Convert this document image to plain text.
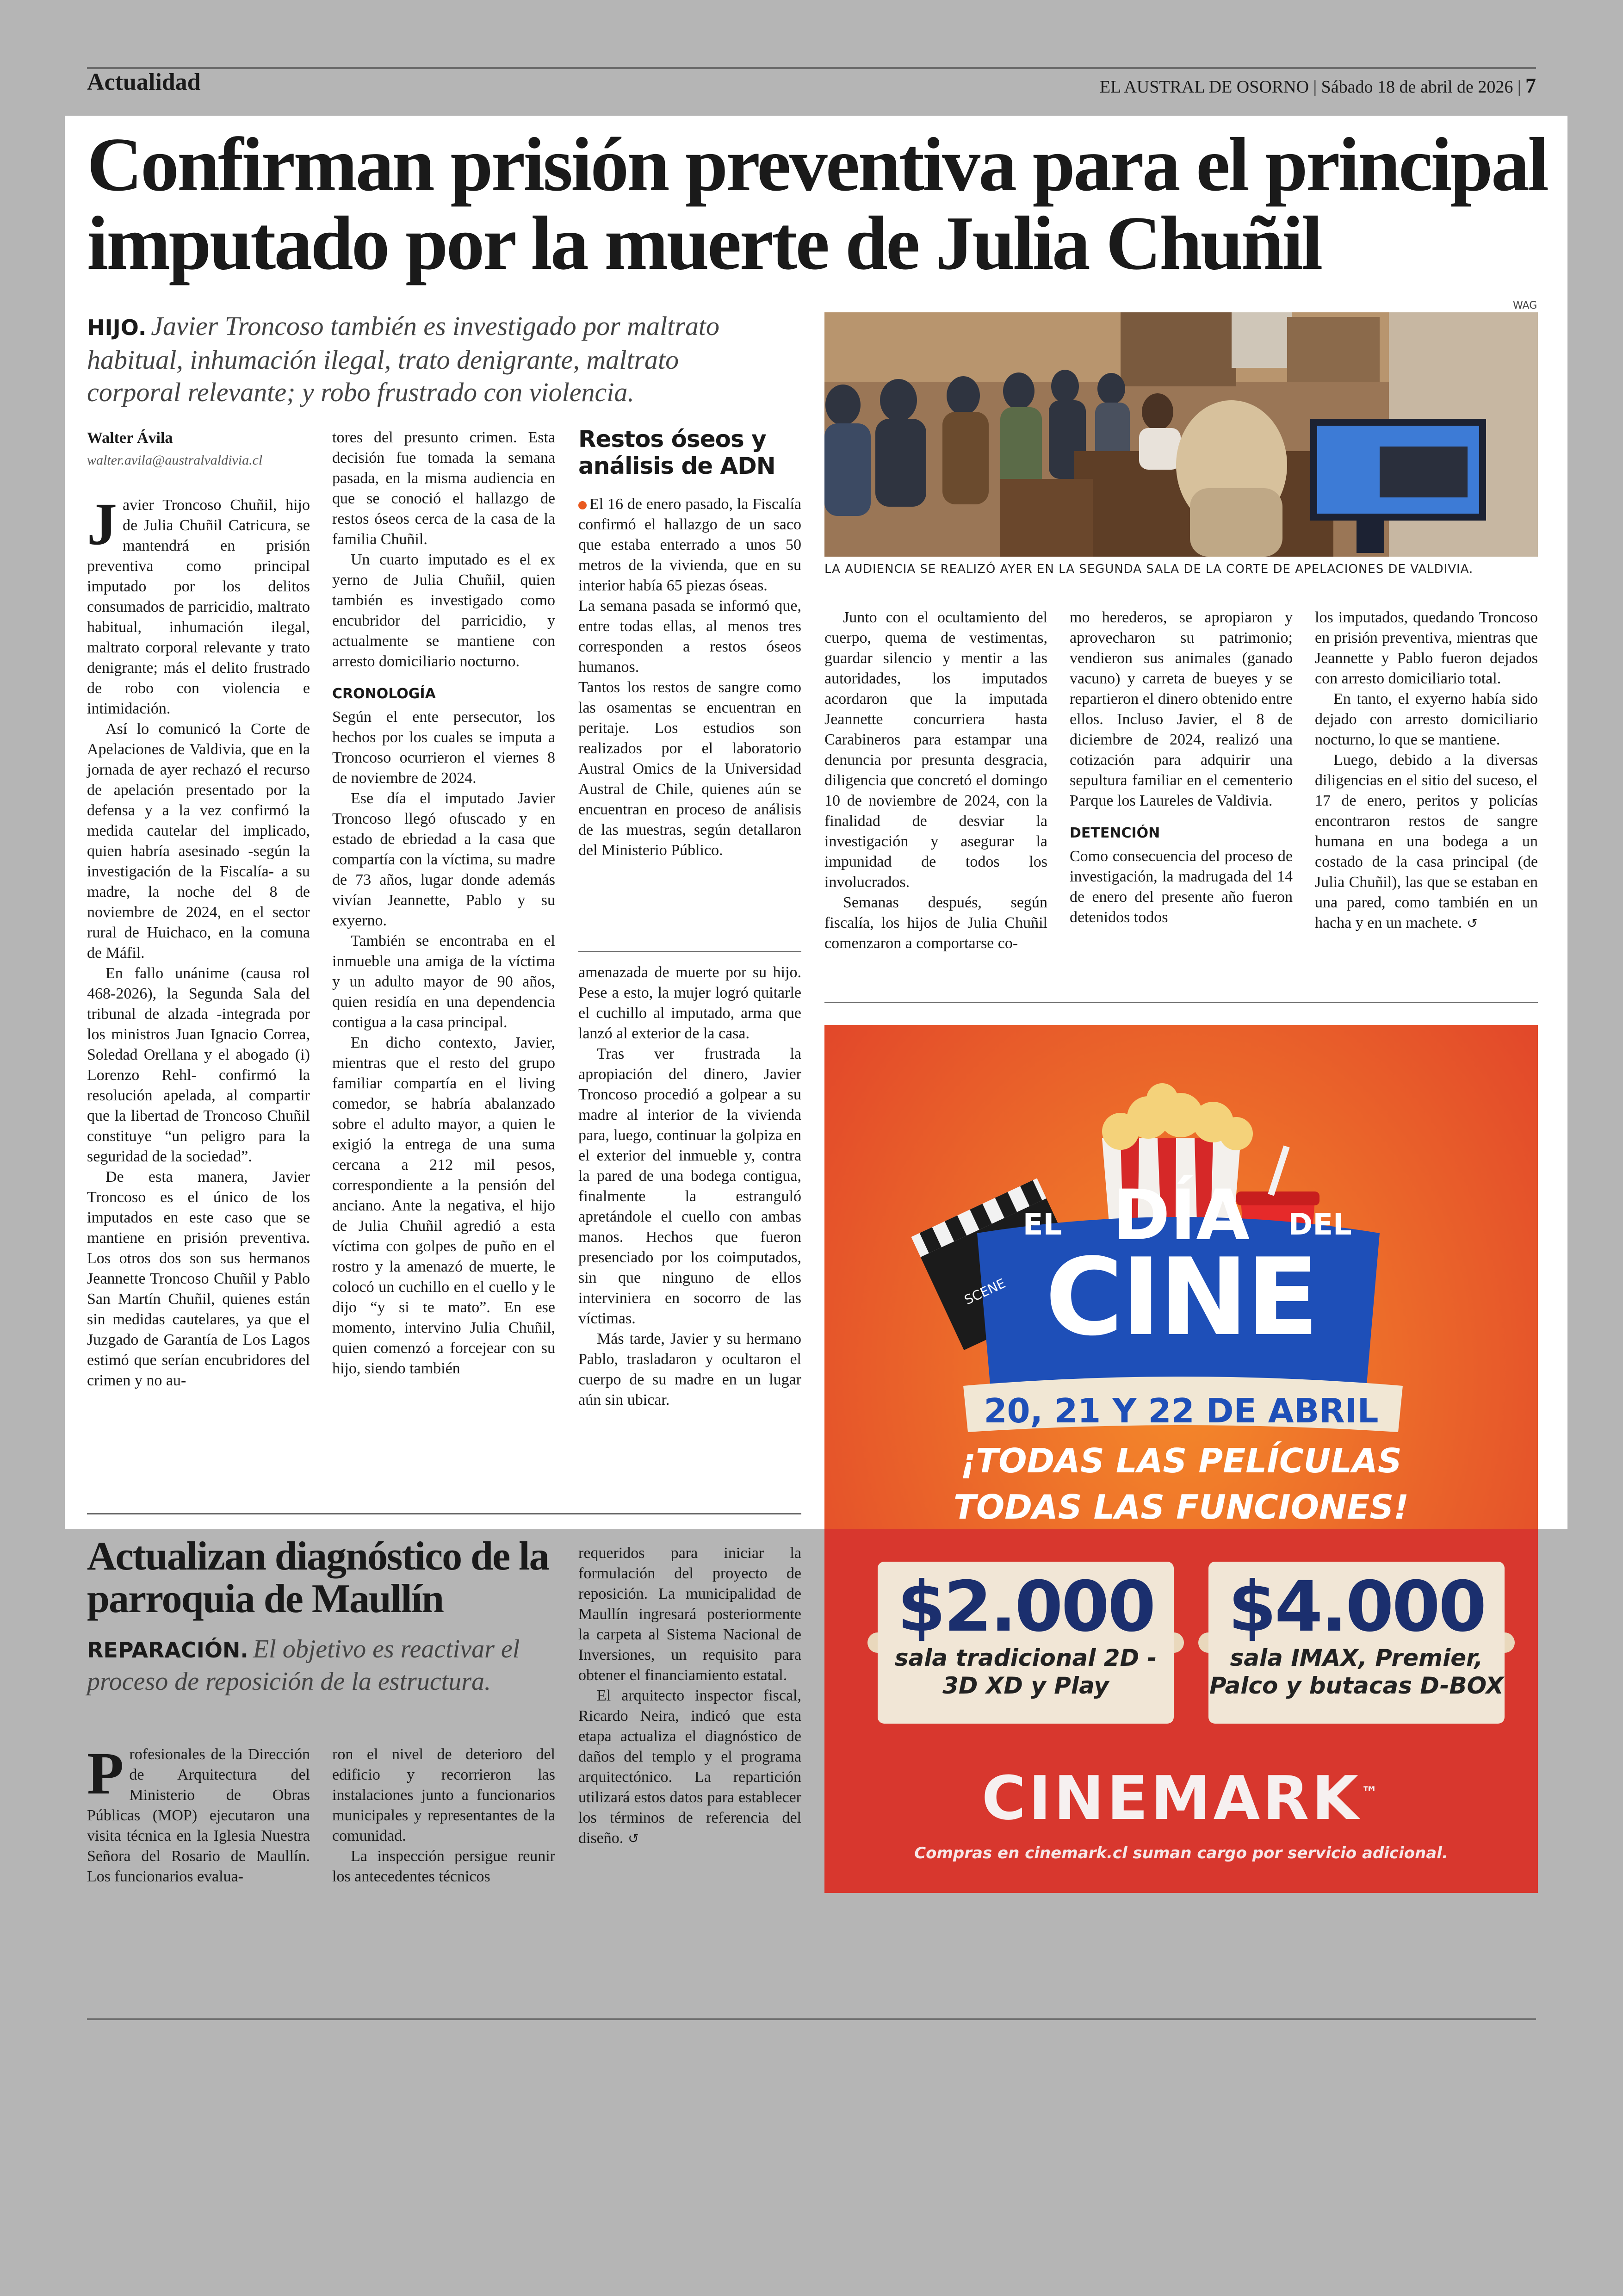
Actualidad	EL AUSTRAL DE OSORNO | Sábado 18 de abril de 2026 | 7
Confirman prisión preventiva para el principal imputado por la muerte de Julia Chuñil

HIJO. Javier Troncoso también es investigado por maltrato habitual, inhumación ilegal, trato denigrante, maltrato corporal relevante; y robo frustrado con violencia.

Walter Ávila
walter.avila@australvaldivia.cl

Javier Troncoso Chuñil, hijo de Julia Chuñil Catricura, se mantendrá en prisión preventiva como principal imputado por los delitos consumados de parricidio, maltrato habitual, inhumación ilegal, maltrato corporal relevante y trato denigrante; más el delito frustrado de robo con violencia e intimidación.

Así lo comunicó la Corte de Apelaciones de Valdivia, que en la jornada de ayer rechazó el recurso de apelación presentado por la defensa y a la vez confirmó la medida cautelar del implicado, quien habría asesinado -según la investigación de la Fiscalía- a su madre, la noche del 8 de noviembre de 2024, en el sector rural de Huichaco, en la comuna de Máfil.

En fallo unánime (causa rol 468-2026), la Segunda Sala del tribunal de alzada -integrada por los ministros Juan Ignacio Correa, Soledad Orellana y el abogado (i) Lorenzo Rehl- confirmó la resolución apelada, al compartir que la libertad de Troncoso Chuñil constituye “un peligro para la seguridad de la sociedad”.

De esta manera, Javier Troncoso es el único de los imputados en este caso que se mantiene en prisión preventiva. Los otros dos son sus hermanos Jeannette Troncoso Chuñil y Pablo San Martín Chuñil, quienes están sin medidas cautelares, ya que el Juzgado de Garantía de Los Lagos estimó que serían encubridores del crimen y no au-

tores del presunto crimen. Esta decisión fue tomada la semana pasada, en la misma audiencia en que se conoció el hallazgo de restos óseos cerca de la casa de la familia Chuñil.

Un cuarto imputado es el ex yerno de Julia Chuñil, quien también es investigado como encubridor del parricidio, y actualmente se mantiene con arresto domiciliario nocturno.

CRONOLOGÍA

Según el ente persecutor, los hechos por los cuales se imputa a Troncoso ocurrieron el viernes 8 de noviembre de 2024.

Ese día el imputado Javier Troncoso llegó ofuscado y en estado de ebriedad a la casa que compartía con la víctima, su madre de 73 años, lugar donde además vivían Jeannette, Pablo y su exyerno.

También se encontraba en el inmueble una amiga de la víctima y un adulto mayor de 90 años, quien residía en una dependencia contigua a la casa principal.

En dicho contexto, Javier, mientras que el resto del grupo familiar compartía en el living comedor, se habría abalanzado sobre el adulto mayor, a quien le exigió la entrega de una suma cercana a 212 mil pesos, correspondiente a la pensión del anciano. Ante la negativa, el hijo de Julia Chuñil agredió a esta víctima con golpes de puño en el rostro y la amenazó de muerte, le colocó un cuchillo en el cuello y le dijo “y si te mato”. En ese momento, intervino Julia Chuñil, quien comenzó a forcejear con su hijo, siendo también

Restos óseos y análisis de ADN

El 16 de enero pasado, la Fiscalía confirmó el hallazgo de un saco que estaba enterrado a unos 50 metros de la vivienda, que en su interior había 65 piezas óseas.

La semana pasada se informó que, entre todas ellas, al menos tres corresponden a restos óseos humanos.

Tantos los restos de sangre como las osamentas se encuentran en peritaje. Los estudios son realizados por el laboratorio Austral Omics de la Universidad Austral de Chile, quienes aún se encuentran en proceso de análisis de las muestras, según detallaron del Ministerio Público.

amenazada de muerte por su hijo. Pese a esto, la mujer logró quitarle el cuchillo al imputado, arma que lanzó al exterior de la casa.

Tras ver frustrada la apropiación del dinero, Javier Troncoso procedió a golpear a su madre al interior de la vivienda para, luego, continuar la golpiza en el exterior del inmueble y, contra la pared de una bodega contigua, finalmente la estranguló apretándole el cuello con ambas manos. Hechos que fueron presenciado por los coimputados, sin que ninguno de ellos interviniera en socorro de las víctimas.

Más tarde, Javier y su hermano Pablo, trasladaron y ocultaron el cuerpo de su madre en un lugar aún sin ubicar.

WAG
LA AUDIENCIA SE REALIZÓ AYER EN LA SEGUNDA SALA DE LA CORTE DE APELACIONES DE VALDIVIA.

Junto con el ocultamiento del cuerpo, quema de vestimentas, guardar silencio y mentir a las autoridades, los imputados acordaron que la imputada Jeannette concurriera hasta Carabineros para estampar una denuncia por presunta desgracia, diligencia que concretó el domingo 10 de noviembre de 2024, con la finalidad de desviar la investigación y asegurar la impunidad de todos los involucrados.

Semanas después, según fiscalía, los hijos de Julia Chuñil comenzaron a comportarse co-

mo herederos, se apropiaron y aprovecharon su patrimonio; vendieron sus animales (ganado vacuno) y carreta de bueyes y se repartieron el dinero obtenido entre ellos. Incluso Javier, el 8 de diciembre de 2024, realizó una cotización para adquirir una sepultura familiar en el cementerio Parque los Laureles de Valdivia.

DETENCIÓN

Como consecuencia del proceso de investigación, la madrugada del 14 de enero del presente año fueron detenidos todos

los imputados, quedando Troncoso en prisión preventiva, mientras que Jeannette y Pablo fueron dejados con arresto domiciliario total.

En tanto, el exyerno había sido dejado con arresto domiciliario nocturno, lo que se mantiene.

Luego, debido a la diversas diligencias en el sitio del suceso, el 17 de enero, peritos y policías encontraron restos de sangre humana en una bodega a un costado de la casa principal (de Julia Chuñil), las que se estaban en una pared, como también en un hacha y en un machete. ↺

Actualizan diagnóstico de la parroquia de Maullín

REPARACIÓN. El objetivo es reactivar el proceso de reposición de la estructura.

Profesionales de la Dirección de Arquitectura del Ministerio de Obras Públicas (MOP) ejecutaron una visita técnica en la Iglesia Nuestra Señora del Rosario de Maullín. Los funcionarios evalua-

ron el nivel de deterioro del edificio y recorrieron las instalaciones junto a funcionarios municipales y representantes de la comunidad.

La inspección persigue reunir los antecedentes técnicos

requeridos para iniciar la formulación del proyecto de reposición. La municipalidad de Maullín ingresará posteriormente la carpeta al Sistema Nacional de Inversiones, un requisito para obtener el financiamiento estatal.

El arquitecto inspector fiscal, Ricardo Neira, indicó que esta etapa actualiza el diagnóstico de daños del templo y el programa arquitectónico. La repartición utilizará estos datos para establecer los términos de referencia del diseño. ↺

EL DÍA	DEL
CINE
20, 21 Y 22 DE ABRIL
¡TODAS LAS PELÍCULAS
TODAS LAS FUNCIONES!
SCENE
$2.000
sala tradicional 2D - 3D XD y Play
$4.000
sala IMAX, Premier, Palco y butacas D-BOX
CINEMARK™
Compras en cinemark.cl suman cargo por servicio adicional.
